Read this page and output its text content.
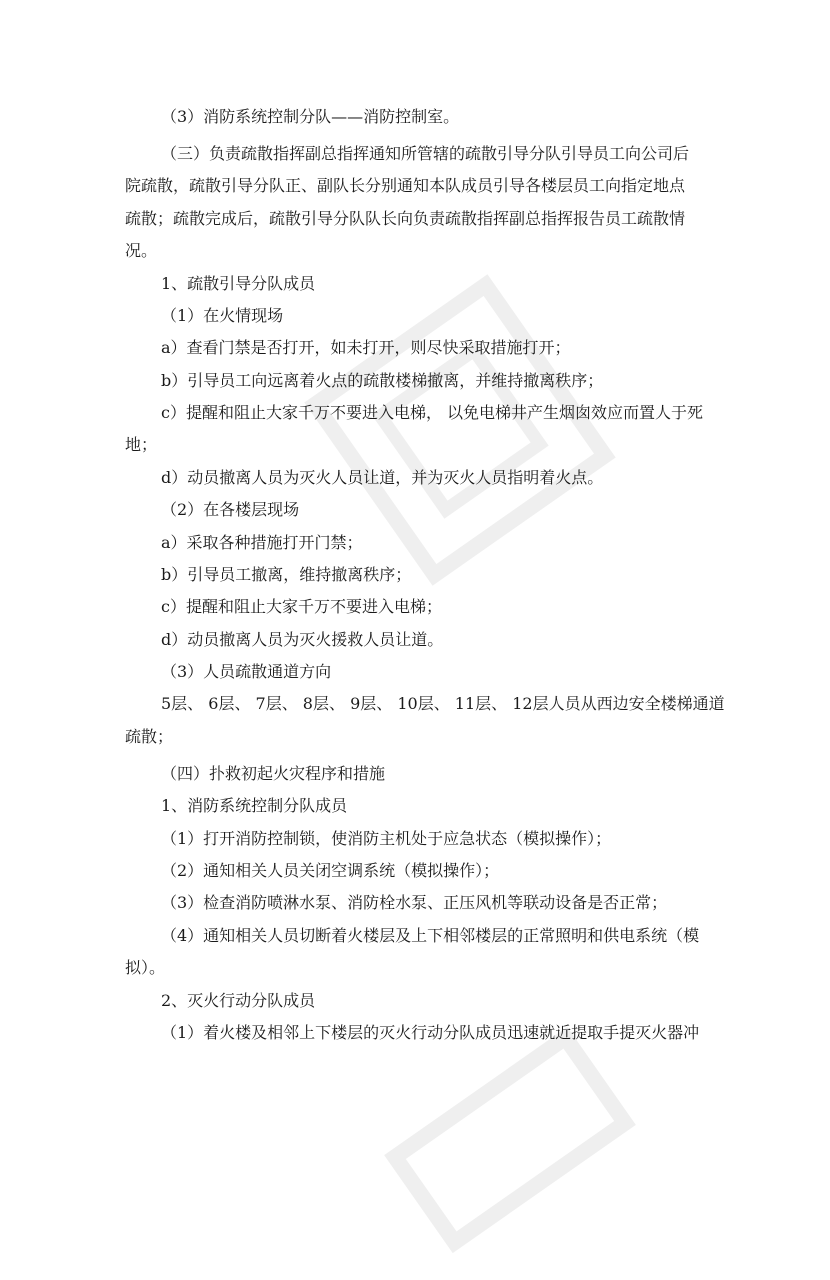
（3）消防系统控制分队——消防控制室。
（三）负责疏散指挥副总指挥通知所管辖的疏散引导分队引导员工向公司后
院疏散，疏散引导分队正、副队长分别通知本队成员引导各楼层员工向指定地点
疏散；疏散完成后，疏散引导分队队长向负责疏散指挥副总指挥报告员工疏散情
况。
1、疏散引导分队成员
（1）在火情现场
a）查看门禁是否打开，如未打开，则尽快采取措施打开；
b）引导员工向远离着火点的疏散楼梯撤离，并维持撤离秩序；
c）提醒和阻止大家千万不要进入电梯， 以免电梯井产生烟囱效应而置人于死
地；
d）动员撤离人员为灭火人员让道，并为灭火人员指明着火点。
（2）在各楼层现场
a）采取各种措施打开门禁；
b）引导员工撤离，维持撤离秩序；
c）提醒和阻止大家千万不要进入电梯；
d）动员撤离人员为灭火援救人员让道。
（3）人员疏散通道方向
5层、 6层、 7层、 8层、 9层、 10层、 11层、 12层人员从西边安全楼梯通道
疏散；
（四）扑救初起火灾程序和措施
1、消防系统控制分队成员
（1）打开消防控制锁，使消防主机处于应急状态（模拟操作）；
（2）通知相关人员关闭空调系统（模拟操作）；
（3）检查消防喷淋水泵、消防栓水泵、正压风机等联动设备是否正常；
（4）通知相关人员切断着火楼层及上下相邻楼层的正常照明和供电系统（模
拟）。
2、灭火行动分队成员
（1）着火楼及相邻上下楼层的灭火行动分队成员迅速就近提取手提灭火器冲
